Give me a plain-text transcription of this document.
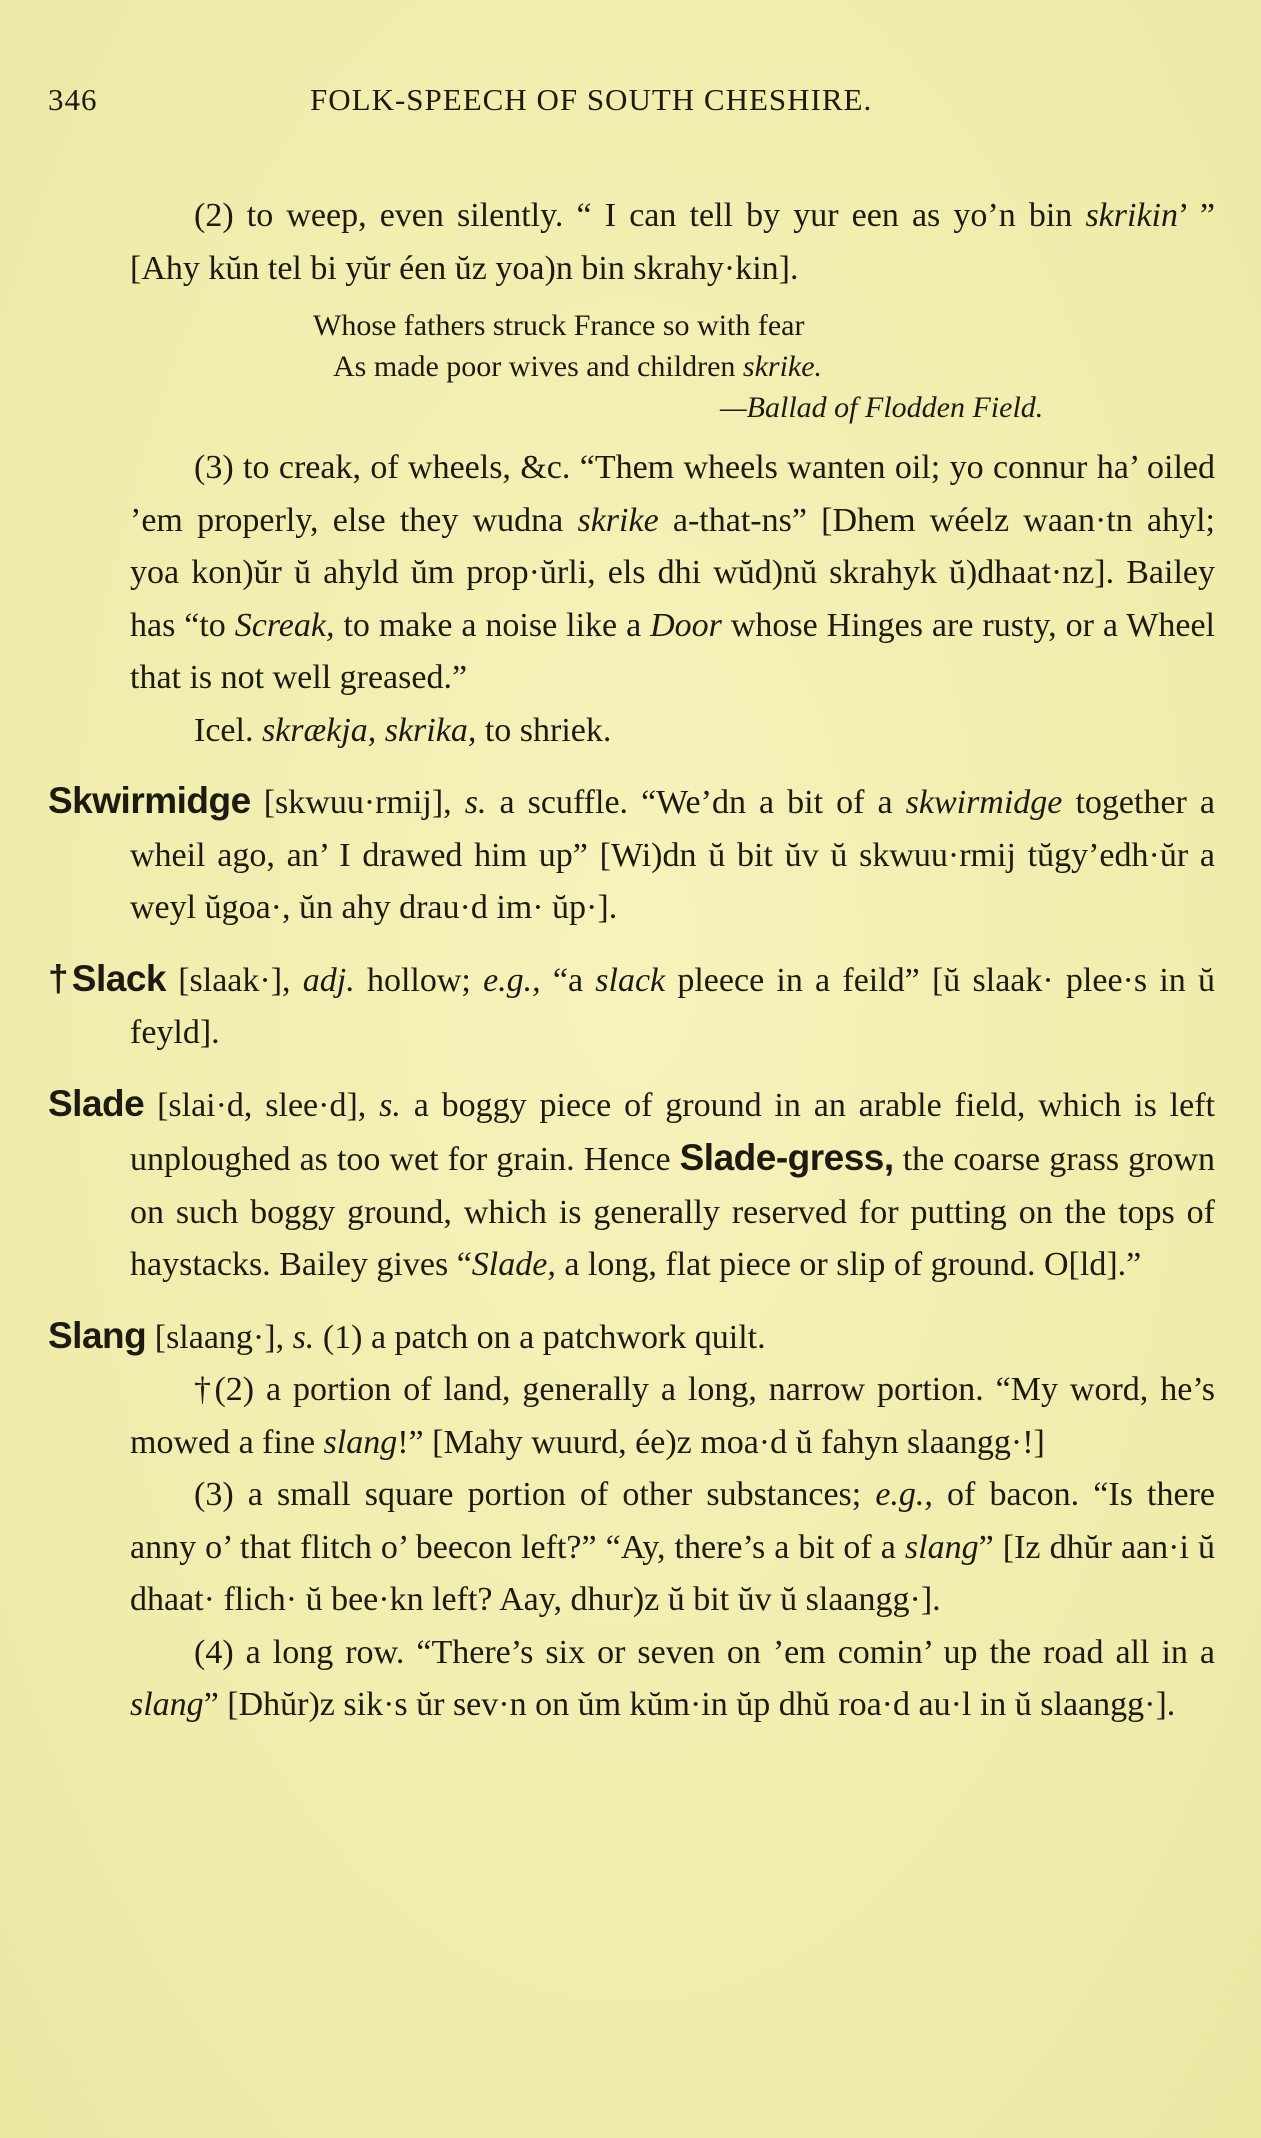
346	FOLK-SPEECH OF SOUTH CHESHIRE.

(2) to weep, even silently. “ I can tell by yur een as yo’n bin skrikin’ ” [Ahy kŭn tel bi yŭr éen ŭz yoa)n bin skrahy·kin].

Whose fathers struck France so with fear
As made poor wives and children skrike.
—Ballad of Flodden Field.

(3) to creak, of wheels, &c. “Them wheels wanten oil; yo connur ha’ oiled ’em properly, else they wudna skrike a-that-ns” [Dhem wéelz waan·tn ahyl; yoa kon)ŭr ŭ ahyld ŭm prop·ŭrli, els dhi wŭd)nŭ skrahyk ŭ)dhaat·nz]. Bailey has “to Screak, to make a noise like a Door whose Hinges are rusty, or a Wheel that is not well greased.”

Icel. skrækja, skrika, to shriek.

Skwirmidge [skwuu·rmij], s. a scuffle. “We’dn a bit of a skwirmidge together a wheil ago, an’ I drawed him up” [Wi)dn ŭ bit ŭv ŭ skwuu·rmij tŭgy’edh·ŭr a weyl ŭgoa·, ŭn ahy drau·d im· ŭp·].

†Slack [slaak·], adj. hollow; e.g., “a slack pleece in a feild” [ŭ slaak· plee·s in ŭ feyld].

Slade [slai·d, slee·d], s. a boggy piece of ground in an arable field, which is left unploughed as too wet for grain. Hence Slade-gress, the coarse grass grown on such boggy ground, which is generally reserved for putting on the tops of haystacks. Bailey gives “Slade, a long, flat piece or slip of ground. O[ld].”

Slang [slaang·], s. (1) a patch on a patchwork quilt.

†(2) a portion of land, generally a long, narrow portion. “My word, he’s mowed a fine slang!” [Mahy wuurd, ée)z moa·d ŭ fahyn slaangg·!]

(3) a small square portion of other substances; e.g., of bacon. “Is there anny o’ that flitch o’ beecon left?” “Ay, there’s a bit of a slang” [Iz dhŭr aan·i ŭ dhaat· flich· ŭ bee·kn left? Aay, dhur)z ŭ bit ŭv ŭ slaangg·].

(4) a long row. “There’s six or seven on ’em comin’ up the road all in a slang” [Dhŭr)z sik·s ŭr sev·n on ŭm kŭm·in ŭp dhŭ roa·d au·l in ŭ slaangg·].
